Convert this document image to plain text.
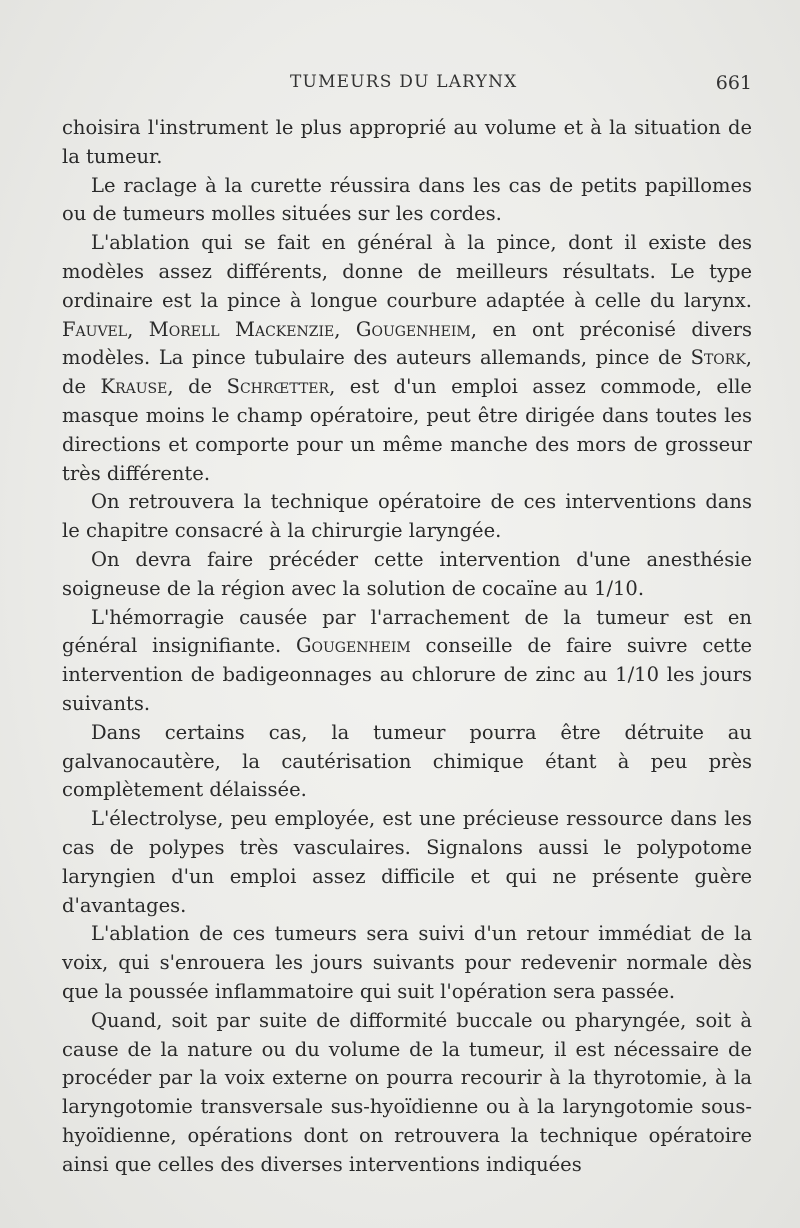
TUMEURS DU LARYNX	661

choisira l'instrument le plus approprié au volume et à la situation de la tumeur.

Le raclage à la curette réussira dans les cas de petits papillomes ou de tumeurs molles situées sur les cordes.

L'ablation qui se fait en général à la pince, dont il existe des modèles assez différents, donne de meilleurs résultats. Le type ordinaire est la pince à longue courbure adaptée à celle du larynx. Fauvel, Morell Mackenzie, Gougenheim, en ont préconisé divers modèles. La pince tubulaire des auteurs allemands, pince de Stork, de Krause, de Schrœtter, est d'un emploi assez commode, elle masque moins le champ opératoire, peut être dirigée dans toutes les directions et comporte pour un même manche des mors de grosseur très différente.

On retrouvera la technique opératoire de ces interventions dans le chapitre consacré à la chirurgie laryngée.

On devra faire précéder cette intervention d'une anesthésie soigneuse de la région avec la solution de cocaïne au 1/10.

L'hémorragie causée par l'arrachement de la tumeur est en général insignifiante. Gougenheim conseille de faire suivre cette intervention de badigeonnages au chlorure de zinc au 1/10 les jours suivants.

Dans certains cas, la tumeur pourra être détruite au galvanocautère, la cautérisation chimique étant à peu près complètement délaissée.

L'électrolyse, peu employée, est une précieuse ressource dans les cas de polypes très vasculaires. Signalons aussi le polypotome laryngien d'un emploi assez difficile et qui ne présente guère d'avantages.

L'ablation de ces tumeurs sera suivi d'un retour immédiat de la voix, qui s'enrouera les jours suivants pour redevenir normale dès que la poussée inflammatoire qui suit l'opération sera passée.

Quand, soit par suite de difformité buccale ou pharyngée, soit à cause de la nature ou du volume de la tumeur, il est nécessaire de procéder par la voix externe on pourra recourir à la thyrotomie, à la laryngotomie transversale sus-hyoïdienne ou à la laryngotomie sous-hyoïdienne, opérations dont on retrouvera la technique opératoire ainsi que celles des diverses interventions indiquées
